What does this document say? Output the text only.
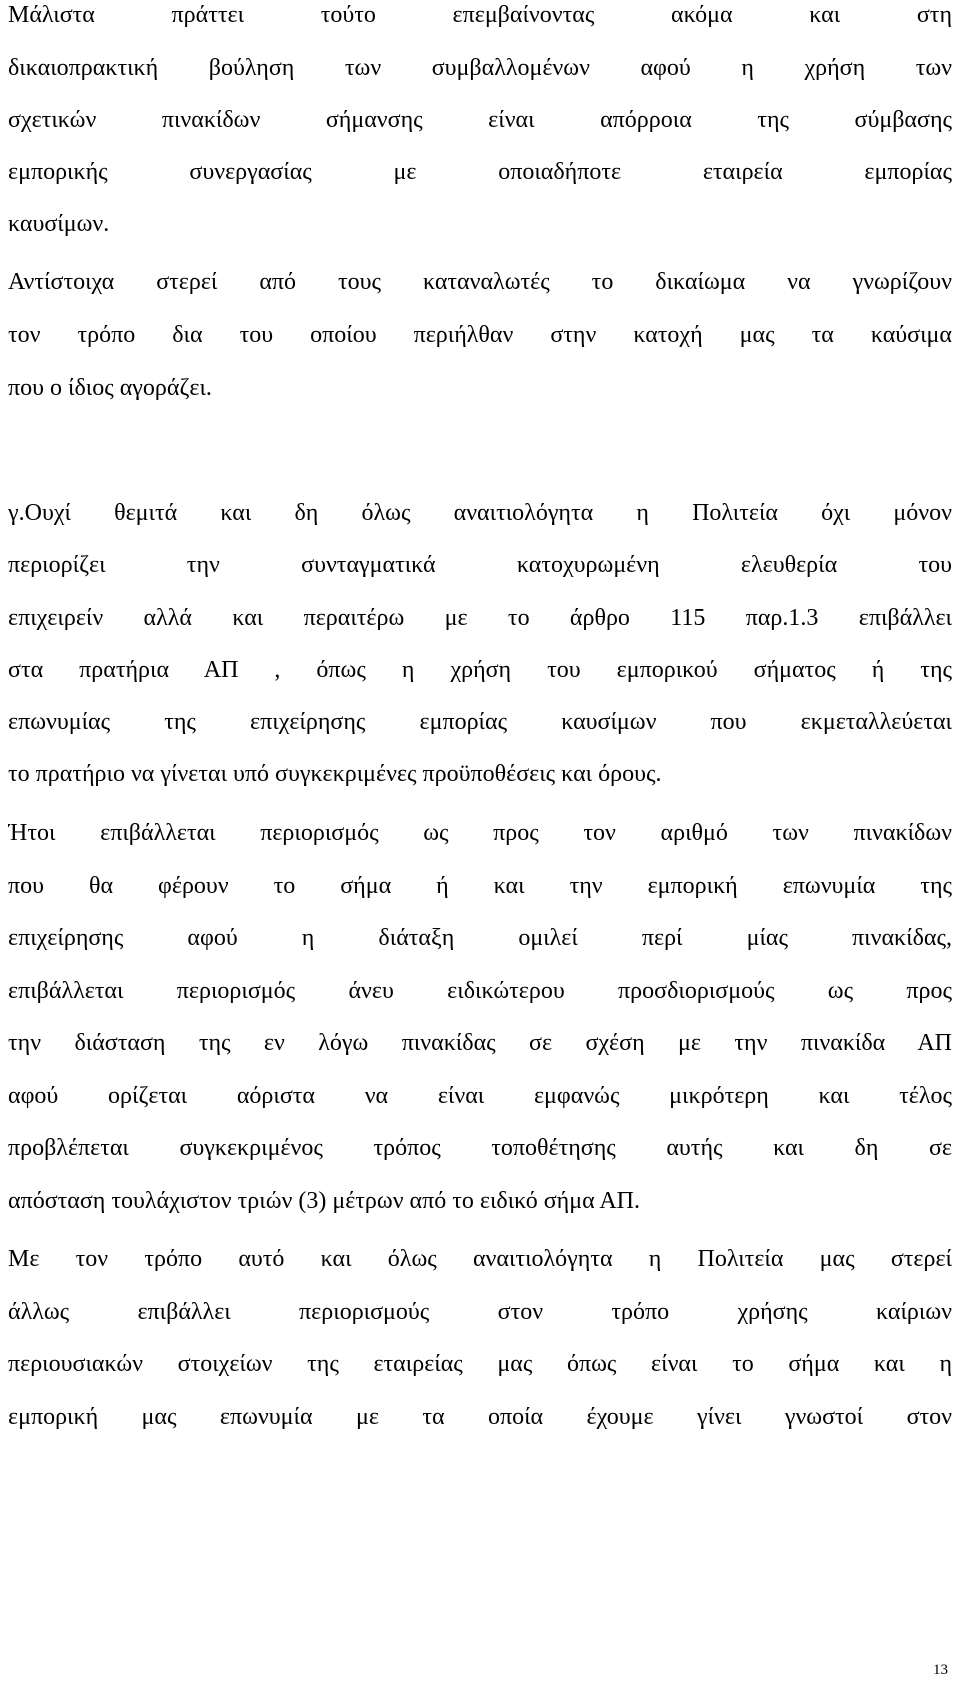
Μάλιστα πράττει τούτο επεμβαίνοντας ακόμα και στη
δικαιοπρακτική βούληση των συμβαλλομένων αφού η χρήση των
σχετικών πινακίδων σήμανσης είναι απόρροια της σύμβασης
εμπορικής συνεργασίας με οποιαδήποτε εταιρεία εμπορίας
καυσίμων.
Αντίστοιχα στερεί από τους καταναλωτές το δικαίωμα να γνωρίζουν
τον τρόπο δια του οποίου περιήλθαν στην κατοχή μας τα καύσιμα
που ο ίδιος αγοράζει.
γ.Ουχί θεμιτά και δη όλως αναιτιολόγητα η Πολιτεία όχι μόνον
περιορίζει την συνταγματικά κατοχυρωμένη ελευθερία του
επιχειρείν αλλά και περαιτέρω με το άρθρο 115 παρ.1.3 επιβάλλει
στα πρατήρια ΑΠ , όπως η χρήση του εμπορικού σήματος ή της
επωνυμίας της επιχείρησης εμπορίας καυσίμων που εκμεταλλεύεται
το πρατήριο να γίνεται υπό συγκεκριμένες προϋποθέσεις και όρους.
Ήτοι επιβάλλεται περιορισμός ως προς τον αριθμό των πινακίδων
που θα φέρουν το σήμα ή και την εμπορική επωνυμία της
επιχείρησης αφού η διάταξη ομιλεί περί μίας πινακίδας,
επιβάλλεται περιορισμός άνευ ειδικώτερου προσδιορισμούς ως προς
την διάσταση της εν λόγω πινακίδας σε σχέση με την πινακίδα ΑΠ
αφού ορίζεται αόριστα να είναι εμφανώς μικρότερη και τέλος
προβλέπεται συγκεκριμένος τρόπος τοποθέτησης αυτής και δη σε
απόσταση τουλάχιστον τριών (3) μέτρων από το ειδικό σήμα ΑΠ.
Με τον τρόπο αυτό και όλως αναιτιολόγητα η Πολιτεία μας στερεί
άλλως επιβάλλει περιορισμούς στον τρόπο χρήσης καίριων
περιουσιακών στοιχείων της εταιρείας μας όπως είναι το σήμα και η
εμπορική μας επωνυμία με τα οποία έχουμε γίνει γνωστοί στον
13
